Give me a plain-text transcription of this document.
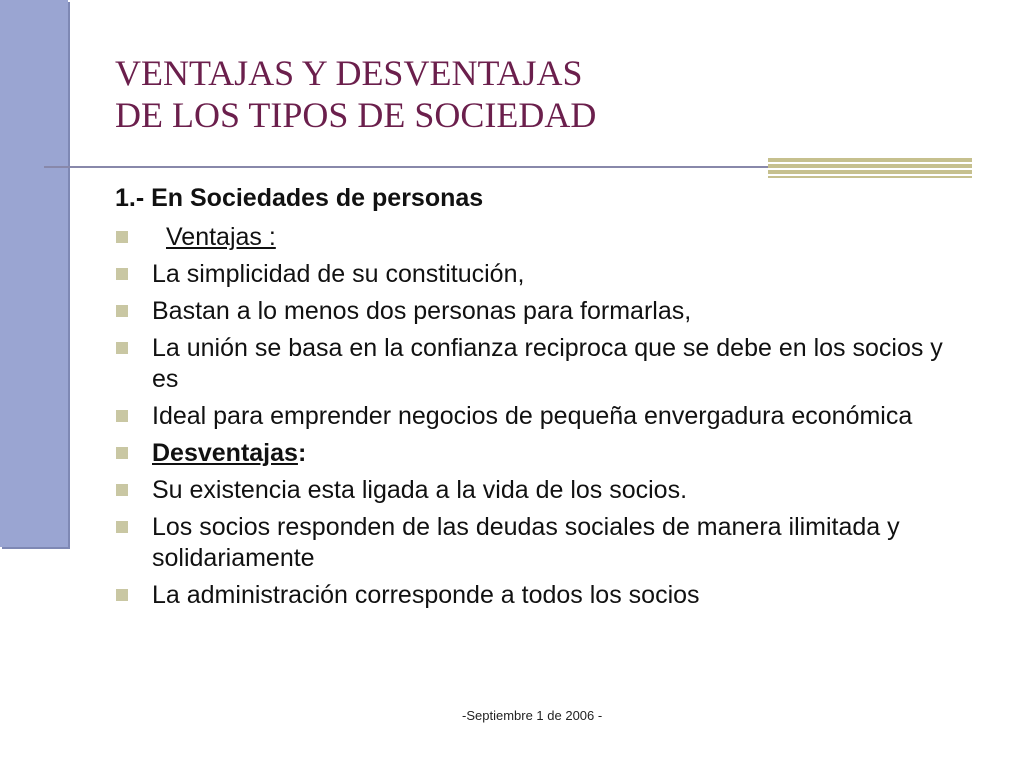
VENTAJAS Y DESVENTAJAS
DE LOS TIPOS DE SOCIEDAD
1.- En Sociedades de personas
Ventajas :
La simplicidad de su constitución,
Bastan a lo menos dos personas para formarlas,
La unión se basa en la confianza reciproca que se debe en los socios y es
Ideal para emprender negocios de pequeña envergadura económica
Desventajas:
Su existencia esta ligada a la vida de los socios.
Los socios responden de las deudas sociales de manera ilimitada y solidariamente
La administración corresponde a todos los socios
-Septiembre 1 de 2006 -
